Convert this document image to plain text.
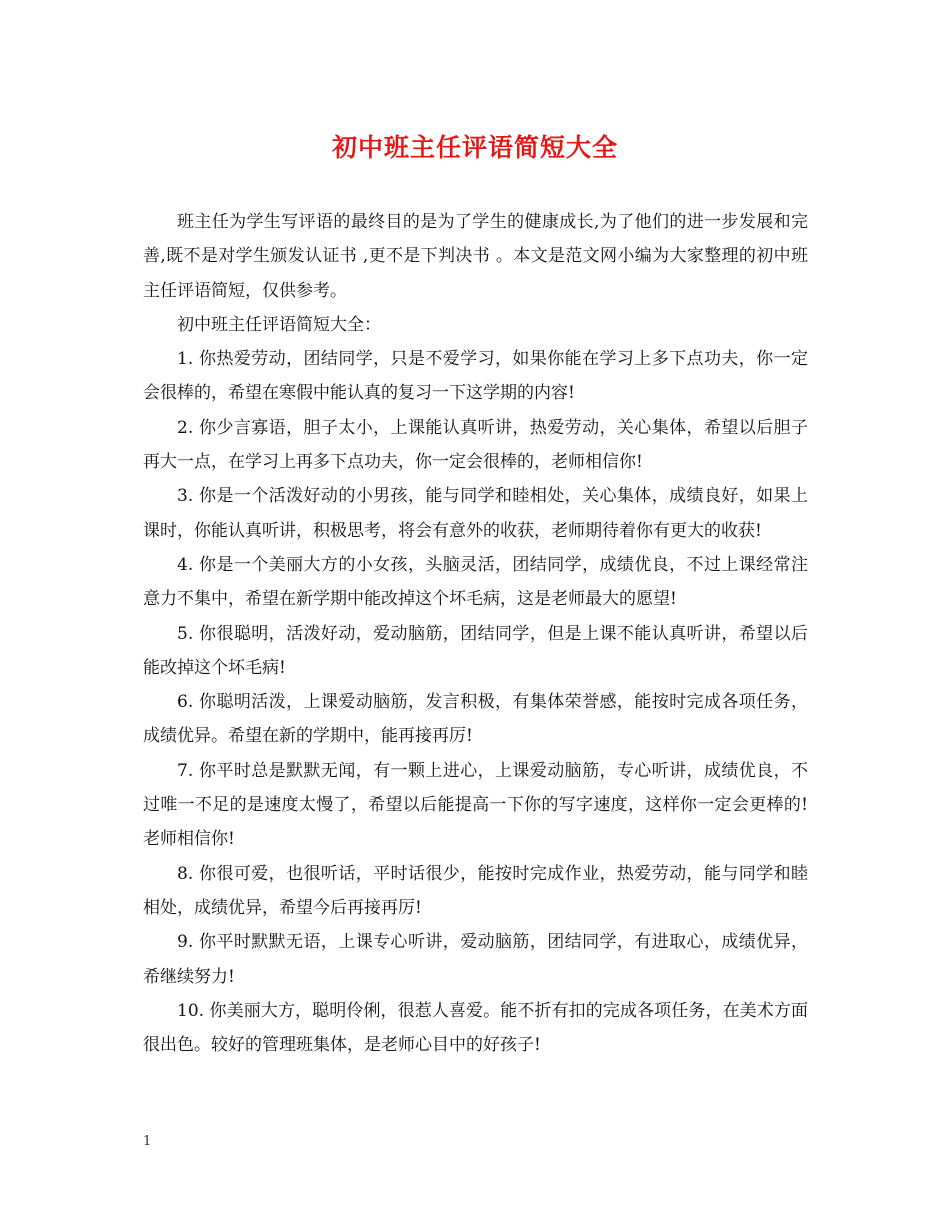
初中班主任评语简短大全

班主任为学生写评语的最终目的是为了学生的健康成长,为了他们的进一步发展和完善,既不是对学生颁发认证书 ,更不是下判决书 。本文是范文网小编为大家整理的初中班主任评语简短，仅供参考。

初中班主任评语简短大全：

1. 你热爱劳动，团结同学，只是不爱学习，如果你能在学习上多下点功夫，你一定会很棒的，希望在寒假中能认真的复习一下这学期的内容!

2. 你少言寡语，胆子太小，上课能认真听讲，热爱劳动，关心集体，希望以后胆子再大一点，在学习上再多下点功夫，你一定会很棒的，老师相信你!

3. 你是一个活泼好动的小男孩，能与同学和睦相处，关心集体，成绩良好，如果上课时，你能认真听讲，积极思考，将会有意外的收获，老师期待着你有更大的收获!

4. 你是一个美丽大方的小女孩，头脑灵活，团结同学，成绩优良，不过上课经常注意力不集中，希望在新学期中能改掉这个坏毛病，这是老师最大的愿望!

5. 你很聪明，活泼好动，爱动脑筋，团结同学，但是上课不能认真听讲，希望以后能改掉这个坏毛病!

6. 你聪明活泼，上课爱动脑筋，发言积极，有集体荣誉感，能按时完成各项任务，成绩优异。希望在新的学期中，能再接再厉!

7. 你平时总是默默无闻，有一颗上进心，上课爱动脑筋，专心听讲，成绩优良，不过唯一不足的是速度太慢了，希望以后能提高一下你的写字速度，这样你一定会更棒的!老师相信你!

8. 你很可爱，也很听话，平时话很少，能按时完成作业，热爱劳动，能与同学和睦相处，成绩优异，希望今后再接再厉!

9. 你平时默默无语，上课专心听讲，爱动脑筋，团结同学，有进取心，成绩优异，希继续努力!

10. 你美丽大方，聪明伶俐，很惹人喜爱。能不折有扣的完成各项任务，在美术方面很出色。较好的管理班集体，是老师心目中的好孩子!

1
